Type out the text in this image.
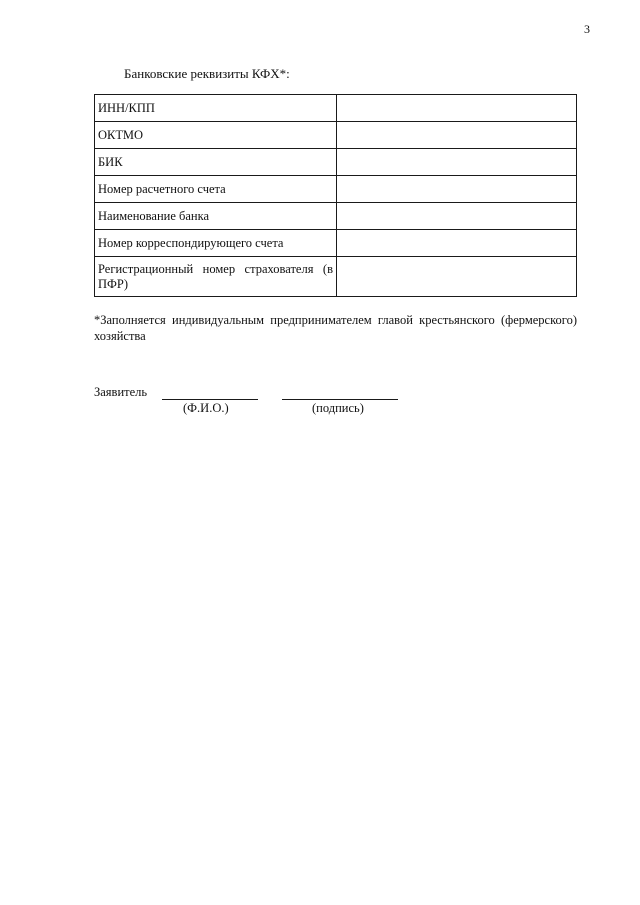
3
Банковские реквизиты КФХ*:
ИНН/КПП	
ОКТМО	
БИК	
Номер расчетного счета	
Наименование банка	
Номер корреспондирующего счета	
Регистрационный номер страхователя (в
ПФР)	

*Заполняется индивидуальным предпринимателем главой крестьянского (фермерского) хозяйства
Заявитель
(Ф.И.О.)	(подпись)
